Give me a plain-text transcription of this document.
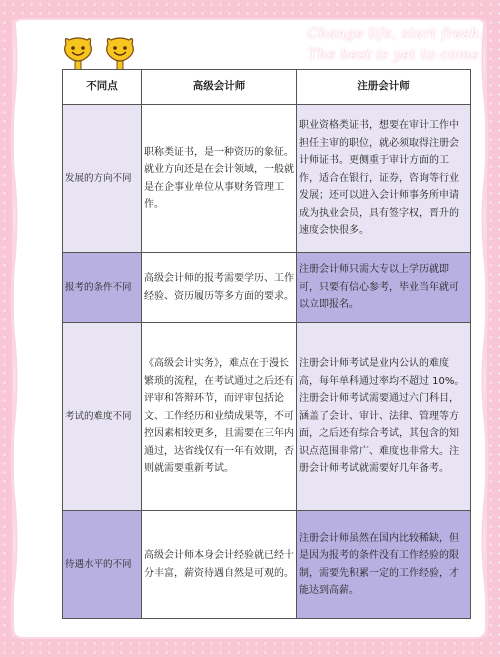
Change life, start fresh.
The best is yet to come.
不同点	高级会计师	注册会计师
发展的方向不同	职称类证书，是一种资历的象征。就业方向还是在会计领域，一般就是在企事业单位从事财务管理工作。	职业资格类证书，想要在审计工作中担任主审的职位，就必须取得注册会计师证书。更侧重于审计方面的工作，适合在银行，证券，咨询等行业发展；还可以进入会计师事务所申请成为执业会员，具有签字权，晋升的速度会快很多。
报考的条件不同	高级会计师的报考需要学历、工作经验、资历履历等多方面的要求。	注册会计师只需大专以上学历就即可，只要有信心参考，毕业当年就可以立即报名。
考试的难度不同	《高级会计实务》，难点在于漫长繁琐的流程，在考试通过之后还有评审和答辩环节，而评审包括论文、工作经历和业绩成果等，不可控因素相较更多，且需要在三年内通过，达省线仅有一年有效期，否则就需要重新考试。	注册会计师考试是业内公认的难度高，每年单科通过率均不超过 10%。注册会计师考试需要通过六门科目，涵盖了会计、审计、法律、管理等方面，之后还有综合考试，其包含的知识点范围非常广、难度也非常大。注册会计师考试就需要好几年备考。
待遇水平的不同	高级会计师本身会计经验就已经十分丰富，薪资待遇自然是可观的。	注册会计师虽然在国内比较稀缺，但是因为报考的条件没有工作经验的限制，需要先积累一定的工作经验，才能达到高薪。
